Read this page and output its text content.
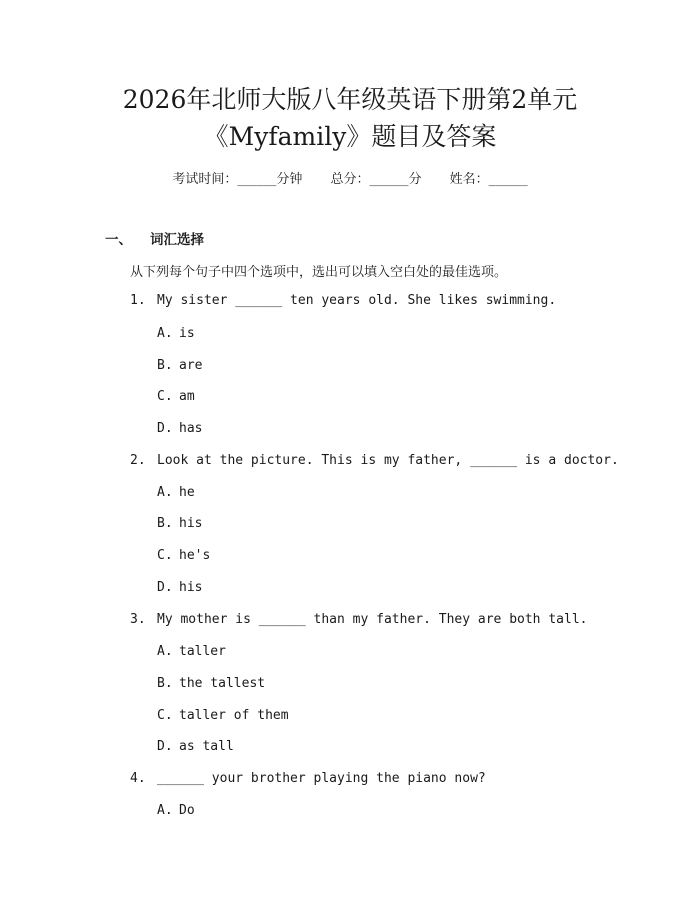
2026年北师大版八年级英语下册第2单元
《Myfamily》题目及答案
考试时间：______分钟 总分：______分 姓名：______
一、 词汇选择
从下列每个句子中四个选项中，选出可以填入空白处的最佳选项。
1. My sister ______ ten years old. She likes swimming.
A. is
B. are
C. am
D. has
2. Look at the picture. This is my father, ______ is a doctor.
A. he
B. his
C. he's
D. his
3. My mother is ______ than my father. They are both tall.
A. taller
B. the tallest
C. taller of them
D. as tall
4. ______ your brother playing the piano now?
A. Do
